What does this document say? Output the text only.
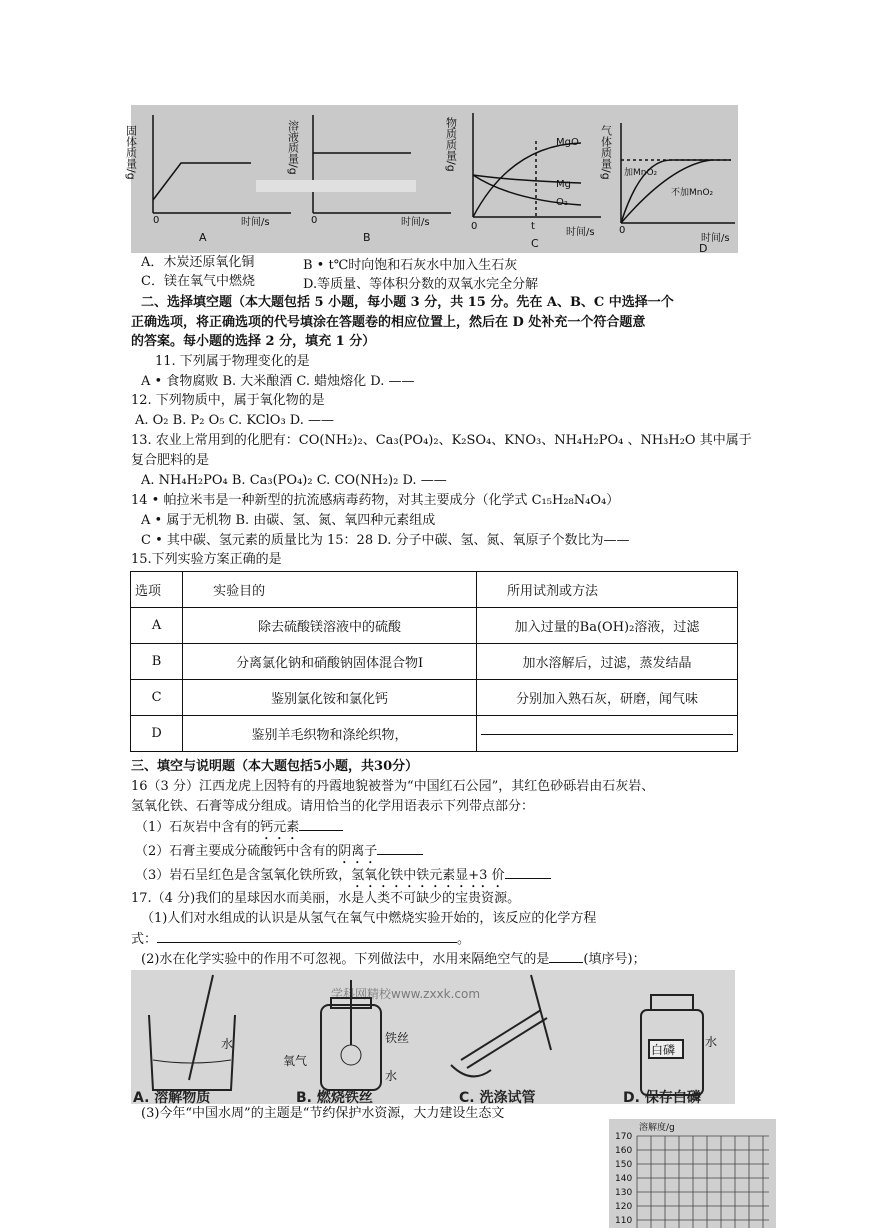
固体质量/g
0	时间/s
A
溶液质量/g
0	时间/s
B
物质质量/g	MgO
Mg
O₂
t
0
时间/s
C
气体质量/g 加MnO₂
不加MnO₂
0
时间/s
D
A．木炭还原氧化铜	B • t℃时向饱和石灰水中加入生石灰
C．镁在氧气中燃烧	D.等质量、等体积分数的双氧水完全分解
二、选择填空题（本大题包括 5 小题，每小题 3 分，共 15 分。先在 A、B、C 中选择一个
正确选项，将正确选项的代号填涂在答题卷的相应位置上，然后在 D 处补充一个符合题意
的答案。每小题的选择 2 分，填充 1 分）
11. 下列属于物理变化的是
A • 食物腐败 B. 大米酿酒 C. 蜡烛熔化 D. ——
12. 下列物质中，属于氧化物的是
A. O₂ B. P₂ O₅ C. KClO₃ D. ——
13. 农业上常用到的化肥有：CO(NH₂)₂、Ca₃(PO₄)₂、K₂SO₄、KNO₃、NH₄H₂PO₄ 、NH₃H₂O 其中属于
复合肥料的是
A. NH₄H₂PO₄ B. Ca₃(PO₄)₂ C. CO(NH₂)₂ D. ——
14 • 帕拉米韦是一种新型的抗流感病毒药物，对其主要成分（化学式 C₁₅H₂₈N₄O₄）
A • 属于无机物 B. 由碳、氢、氮、氧四种元素组成
C • 其中碳、氢元素的质量比为 15：28 D. 分子中碳、氢、氮、氧原子个数比为——
15.下列实验方案正确的是
选项	实验目的	所用试剂或方法
A	除去硫酸镁溶液中的硫酸	加入过量的Ba(OH)₂溶液，过滤
B	分离氯化钠和硝酸钠固体混合物I	加水溶解后，过滤，蒸发结晶
C	鉴别氯化铵和氯化钙	分别加入熟石灰，研磨，闻气味
D	鉴别羊毛织物和涤纶织物，	
三、填空与说明题（本大题包括5小题，共30分）
16（3 分）江西龙虎上因特有的丹霞地貌被誉为“中国红石公园”，其红色砂砾岩由石灰岩、
氢氧化铁、石膏等成分组成。请用恰当的化学用语表示下列带点部分：
（1）石灰岩中含有的钙元素
（2）石膏主要成分硫酸钙中含有的阴离子
（3）岩石呈红色是含氢氧化铁所致，氢氧化铁中铁元素显+3 价
17.（4 分)我们的星球因水而美丽，水是人类不可缺少的宝贵资源。
（1)人们对水组成的认识是从氢气在氧气中燃烧实验开始的，该反应的化学方程
式：	。
(2)水在化学实验中的作用不可忽视。下列做法中，水用来隔绝空气的是	(填序号)；
学科网精校www.zxxk.com
水	铁丝
氧气
水
白磷
水
A. 溶解物质	B. 燃烧铁丝	C. 洗涤试管	D. 保存白磷
(3)今年“中国水周”的主题是“节约保护水资源，大力建设生态文
溶解度/g
170
160
150
140
130
120
110
